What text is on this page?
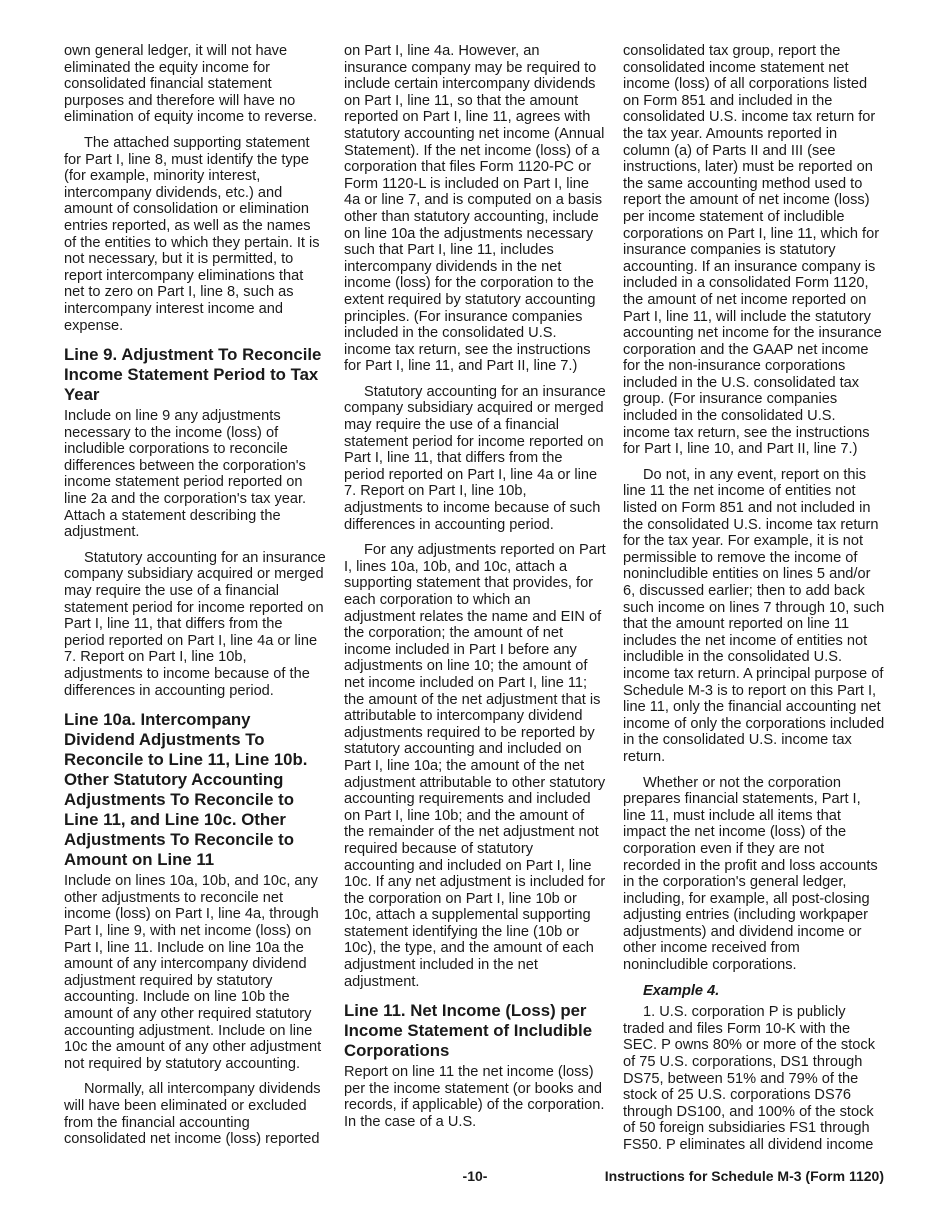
own general ledger, it will not have eliminated the equity income for consolidated financial statement purposes and therefore will have no elimination of equity income to reverse.

The attached supporting statement for Part I, line 8, must identify the type (for example, minority interest, intercompany dividends, etc.) and amount of consolidation or elimination entries reported, as well as the names of the entities to which they pertain. It is not necessary, but it is permitted, to report intercompany eliminations that net to zero on Part I, line 8, such as intercompany interest income and expense.

Line 9. Adjustment To Reconcile Income Statement Period to Tax Year

Include on line 9 any adjustments necessary to the income (loss) of includible corporations to reconcile differences between the corporation's income statement period reported on line 2a and the corporation's tax year. Attach a statement describing the adjustment.

Statutory accounting for an insurance company subsidiary acquired or merged may require the use of a financial statement period for income reported on Part I, line 11, that differs from the period reported on Part I, line 4a or line 7. Report on Part I, line 10b, adjustments to income because of the differences in accounting period.

Line 10a. Intercompany Dividend Adjustments To Reconcile to Line 11, Line 10b. Other Statutory Accounting Adjustments To Reconcile to Line 11, and Line 10c. Other Adjustments To Reconcile to Amount on Line 11

Include on lines 10a, 10b, and 10c, any other adjustments to reconcile net income (loss) on Part I, line 4a, through Part I, line 9, with net income (loss) on Part I, line 11. Include on line 10a the amount of any intercompany dividend adjustment required by statutory accounting. Include on line 10b the amount of any other required statutory accounting adjustment. Include on line 10c the amount of any other adjustment not required by statutory accounting.

Normally, all intercompany dividends will have been eliminated or excluded from the financial accounting consolidated net income (loss) reported

on Part I, line 4a. However, an insurance company may be required to include certain intercompany dividends on Part I, line 11, so that the amount reported on Part I, line 11, agrees with statutory accounting net income (Annual Statement). If the net income (loss) of a corporation that files Form 1120-PC or Form 1120-L is included on Part I, line 4a or line 7, and is computed on a basis other than statutory accounting, include on line 10a the adjustments necessary such that Part I, line 11, includes intercompany dividends in the net income (loss) for the corporation to the extent required by statutory accounting principles. (For insurance companies included in the consolidated U.S. income tax return, see the instructions for Part I, line 11, and Part II, line 7.)

Statutory accounting for an insurance company subsidiary acquired or merged may require the use of a financial statement period for income reported on Part I, line 11, that differs from the period reported on Part I, line 4a or line 7. Report on Part I, line 10b, adjustments to income because of such differences in accounting period.

For any adjustments reported on Part I, lines 10a, 10b, and 10c, attach a supporting statement that provides, for each corporation to which an adjustment relates the name and EIN of the corporation; the amount of net income included in Part I before any adjustments on line 10; the amount of net income included on Part I, line 11; the amount of the net adjustment that is attributable to intercompany dividend adjustments required to be reported by statutory accounting and included on Part I, line 10a; the amount of the net adjustment attributable to other statutory accounting requirements and included on Part I, line 10b; and the amount of the remainder of the net adjustment not required because of statutory accounting and included on Part I, line 10c. If any net adjustment is included for the corporation on Part I, line 10b or 10c, attach a supplemental supporting statement identifying the line (10b or 10c), the type, and the amount of each adjustment included in the net adjustment.

Line 11. Net Income (Loss) per Income Statement of Includible Corporations

Report on line 11 the net income (loss) per the income statement (or books and records, if applicable) of the corporation. In the case of a U.S.

consolidated tax group, report the consolidated income statement net income (loss) of all corporations listed on Form 851 and included in the consolidated U.S. income tax return for the tax year. Amounts reported in column (a) of Parts II and III (see instructions, later) must be reported on the same accounting method used to report the amount of net income (loss) per income statement of includible corporations on Part I, line 11, which for insurance companies is statutory accounting. If an insurance company is included in a consolidated Form 1120, the amount of net income reported on Part I, line 11, will include the statutory accounting net income for the insurance corporation and the GAAP net income for the non-insurance corporations included in the U.S. consolidated tax group. (For insurance companies included in the consolidated U.S. income tax return, see the instructions for Part I, line 10, and Part II, line 7.)

Do not, in any event, report on this line 11 the net income of entities not listed on Form 851 and not included in the consolidated U.S. income tax return for the tax year. For example, it is not permissible to remove the income of nonincludible entities on lines 5 and/or 6, discussed earlier; then to add back such income on lines 7 through 10, such that the amount reported on line 11 includes the net income of entities not includible in the consolidated U.S. income tax return. A principal purpose of Schedule M-3 is to report on this Part I, line 11, only the financial accounting net income of only the corporations included in the consolidated U.S. income tax return.

Whether or not the corporation prepares financial statements, Part I, line 11, must include all items that impact the net income (loss) of the corporation even if they are not recorded in the profit and loss accounts in the corporation's general ledger, including, for example, all post-closing adjusting entries (including workpaper adjustments) and dividend income or other income received from nonincludible corporations.

Example 4.

1. U.S. corporation P is publicly traded and files Form 10-K with the SEC. P owns 80% or more of the stock of 75 U.S. corporations, DS1 through DS75, between 51% and 79% of the stock of 25 U.S. corporations DS76 through DS100, and 100% of the stock of 50 foreign subsidiaries FS1 through FS50. P eliminates all dividend income

-10-	Instructions for Schedule M-3 (Form 1120)
